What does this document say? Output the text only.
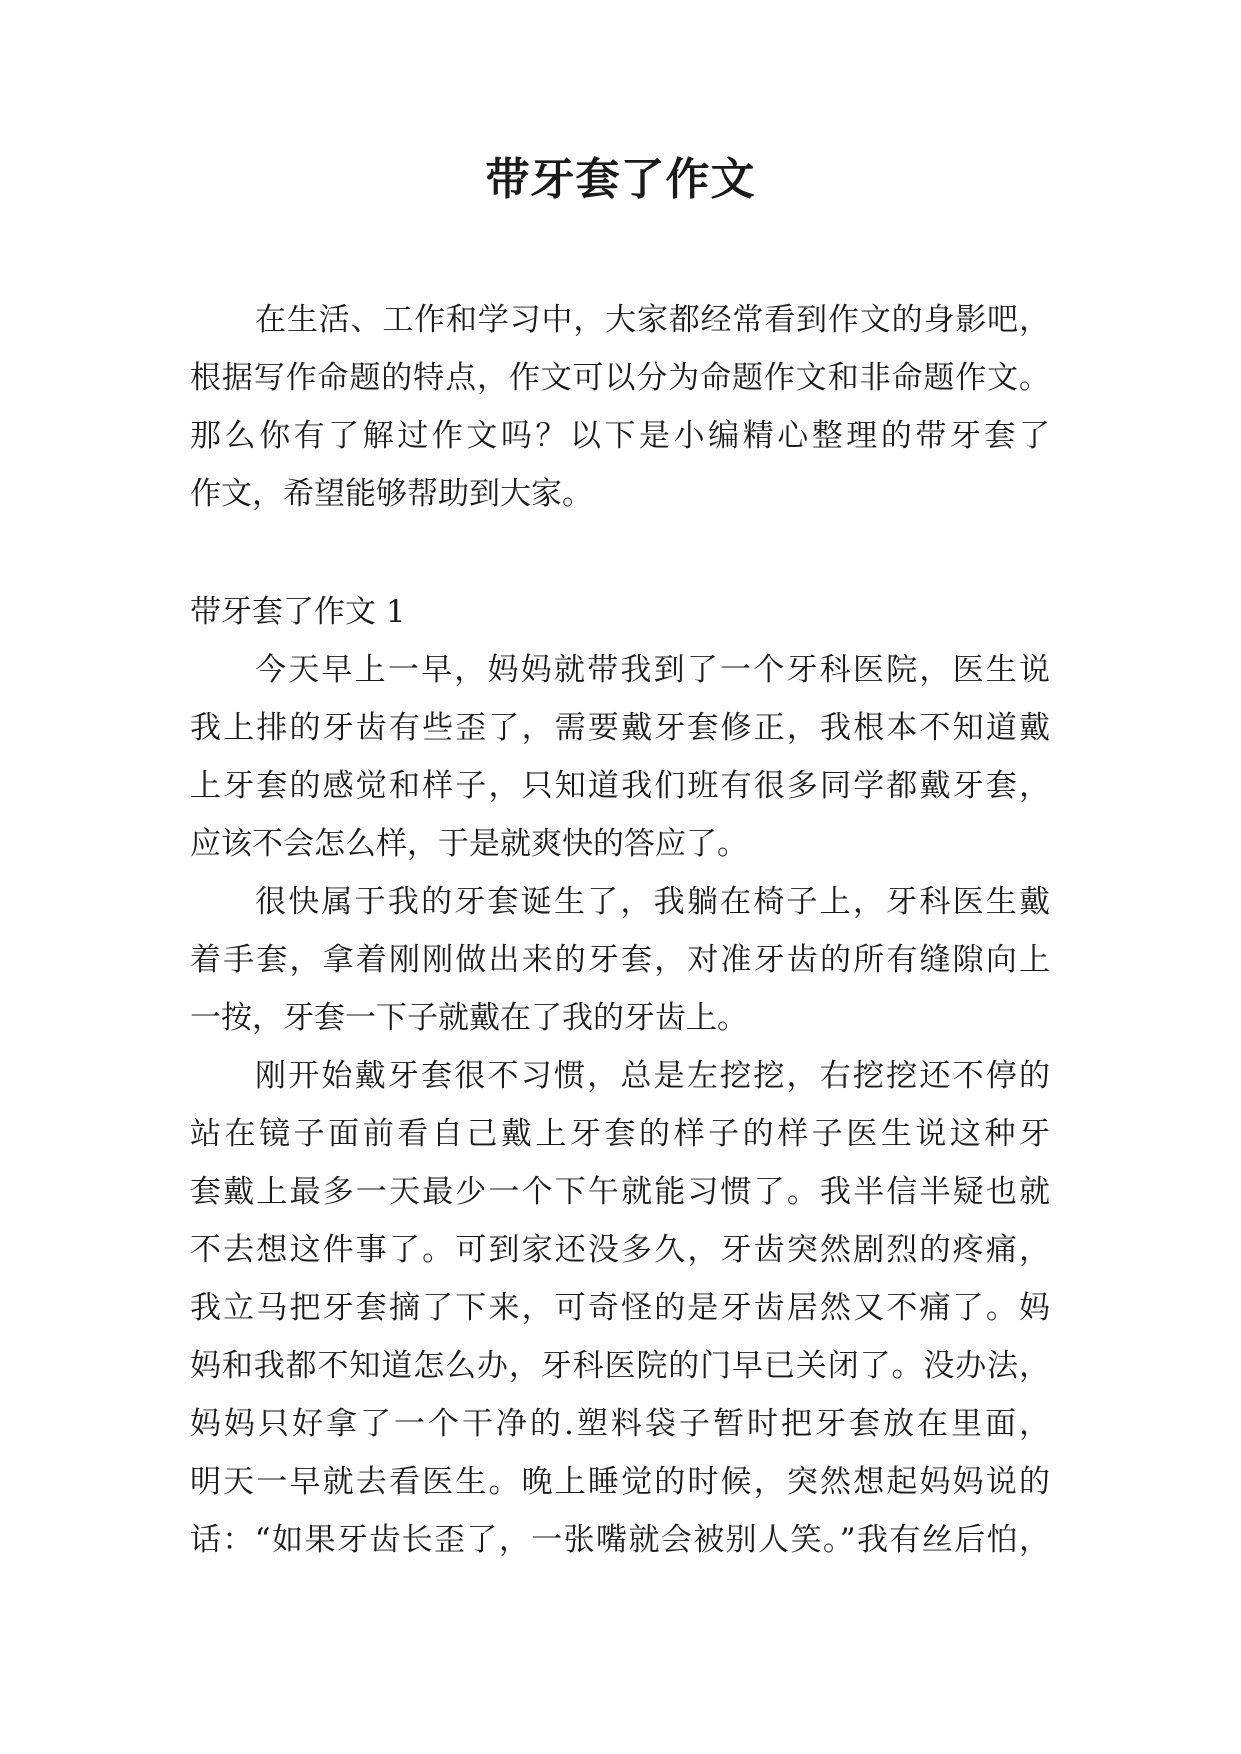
带牙套了作文
在生活、工作和学习中，大家都经常看到作文的身影吧，
根据写作命题的特点，作文可以分为命题作文和非命题作文。
那么你有了解过作文吗？以下是小编精心整理的带牙套了
作文，希望能够帮助到大家。
带牙套了作文 1
今天早上一早，妈妈就带我到了一个牙科医院，医生说
我上排的牙齿有些歪了，需要戴牙套修正，我根本不知道戴
上牙套的感觉和样子，只知道我们班有很多同学都戴牙套，
应该不会怎么样，于是就爽快的答应了。
很快属于我的牙套诞生了，我躺在椅子上，牙科医生戴
着手套，拿着刚刚做出来的牙套，对准牙齿的所有缝隙向上
一按，牙套一下子就戴在了我的牙齿上。
刚开始戴牙套很不习惯，总是左挖挖，右挖挖还不停的
站在镜子面前看自己戴上牙套的样子的样子医生说这种牙
套戴上最多一天最少一个下午就能习惯了。我半信半疑也就
不去想这件事了。可到家还没多久，牙齿突然剧烈的疼痛，
我立马把牙套摘了下来，可奇怪的是牙齿居然又不痛了。妈
妈和我都不知道怎么办，牙科医院的门早已关闭了。没办法，
妈妈只好拿了一个干净的.塑料袋子暂时把牙套放在里面，
明天一早就去看医生。晚上睡觉的时候，突然想起妈妈说的
话：“如果牙齿长歪了，一张嘴就会被别人笑。”我有丝后怕，
